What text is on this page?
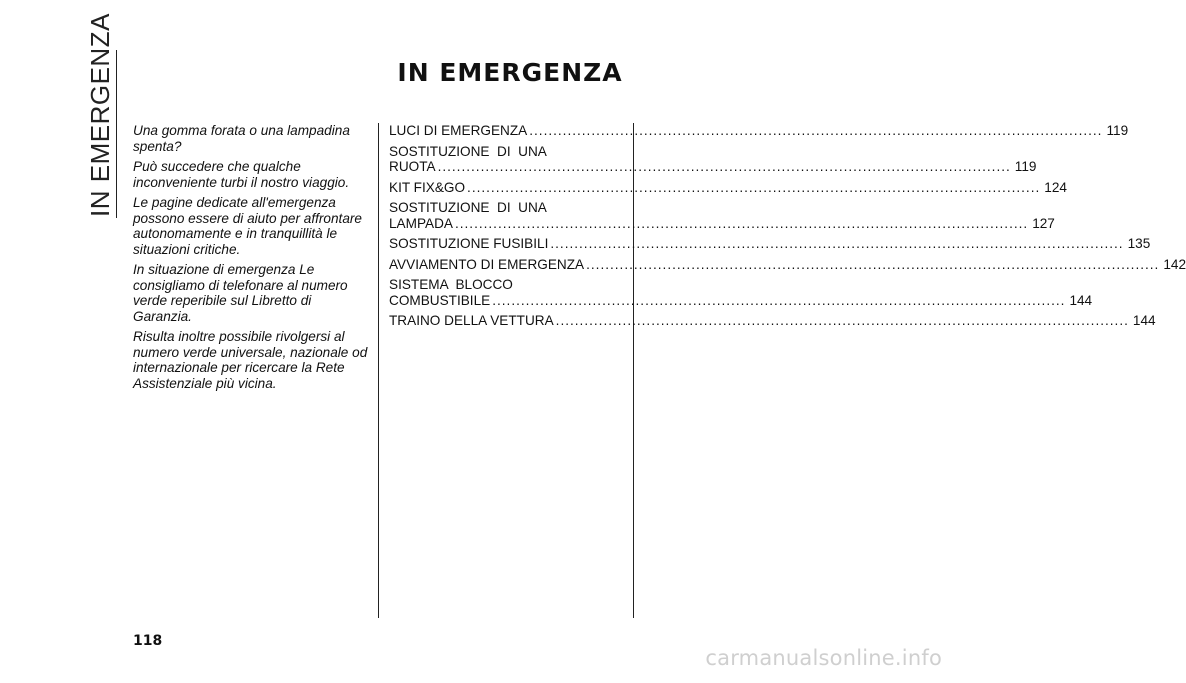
IN EMERGENZA	IN EMERGENZA

Una gomma forata o una lampadina spenta?

Può succedere che qualche inconveniente turbi il nostro viaggio.

Le pagine dedicate all'emergenza possono essere di aiuto per affrontare autonomamente e in tranquillità le situazioni critiche.

In situazione di emergenza Le consigliamo di telefonare al numero verde reperibile sul Libretto di Garanzia.

Risulta inoltre possibile rivolgersi al numero verde universale, nazionale od internazionale per ricercare la Rete Assistenziale più vicina.

LUCI DI EMERGENZA ........................................................................................................................ 119
SOSTITUZIONE  DI  UNA
RUOTA ........................................................................................................................ 119
KIT FIX&GO ........................................................................................................................ 124
SOSTITUZIONE  DI  UNA
LAMPADA ........................................................................................................................ 127
SOSTITUZIONE FUSIBILI ........................................................................................................................ 135
AVVIAMENTO DI EMERGENZA ........................................................................................................................ 142
SISTEMA  BLOCCO
COMBUSTIBILE ........................................................................................................................ 144
TRAINO DELLA VETTURA ........................................................................................................................ 144
118
carmanualsonline.info
